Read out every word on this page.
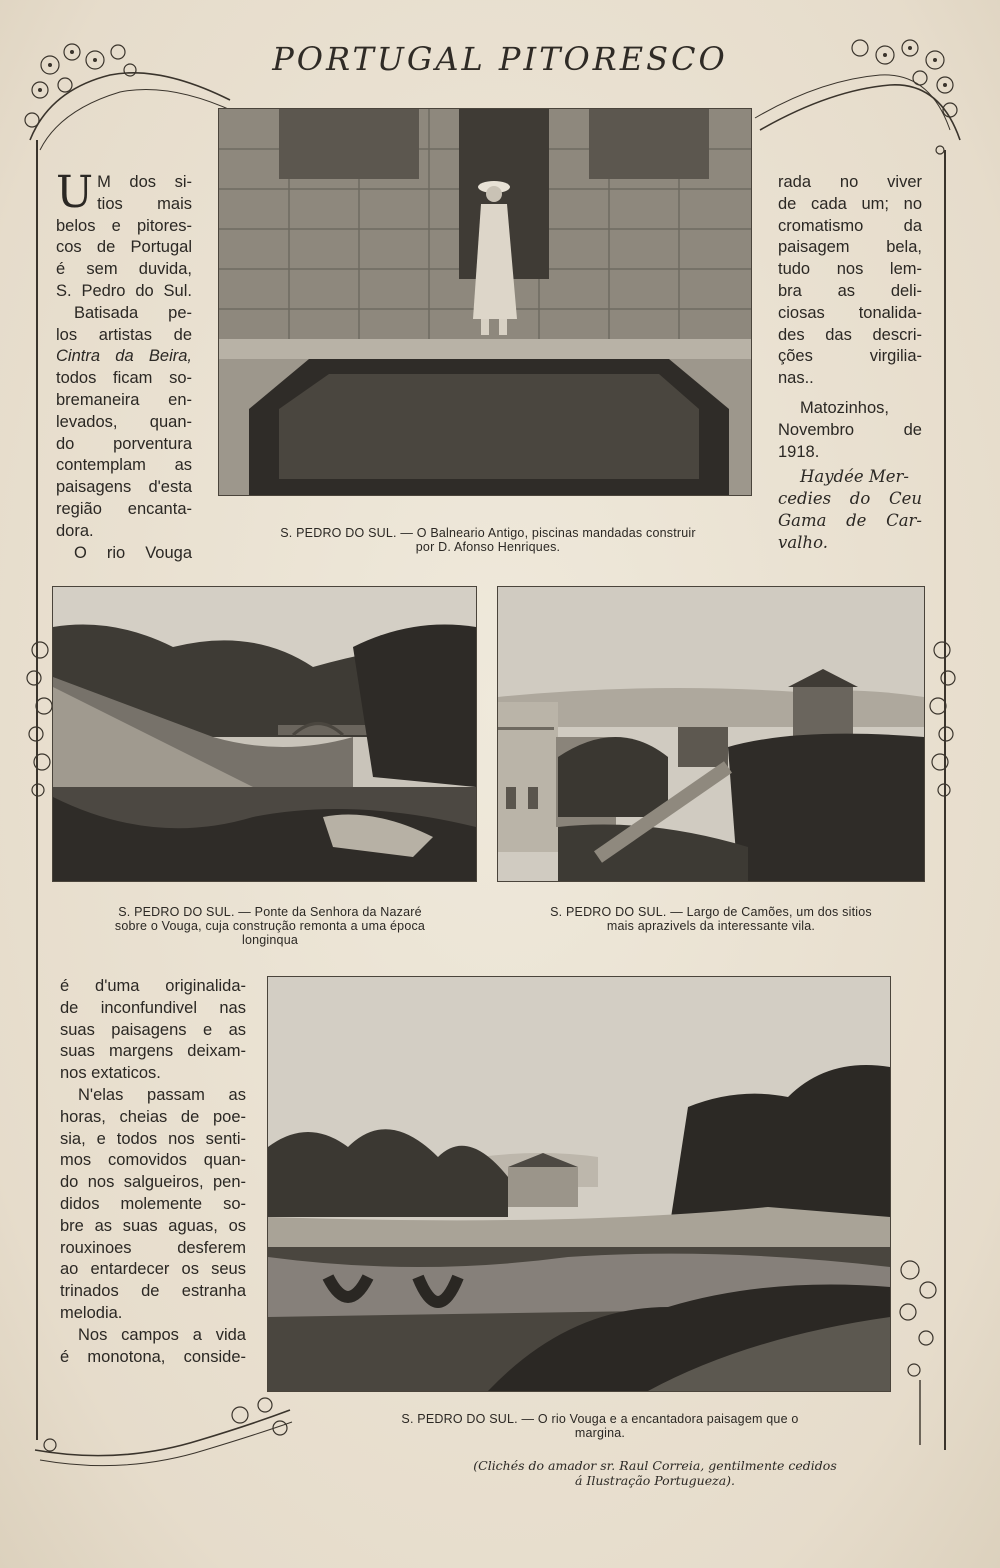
PORTUGAL PITORESCO
U M dos si-

tios mais

belos e pitores-

cos de Portugal

é sem duvida,

S. Pedro do Sul.

Batisada pe-

los artistas de

Cintra da Beira,

todos ficam so-

bremaneira en-

levados, quan-

do porventura

contemplam as

paisagens d'esta

região encanta-

dora.

O rio Vouga

S. PEDRO DO SUL. — O Balneario Antigo, piscinas mandadas construir
por D. Afonso Henriques.

rada no viver

de cada um; no

cromatismo da

paisagem bela,

tudo nos lem-

bra as deli-

ciosas tonalida-

des das descri-

ções virgilia-

nas..

Matozinhos,

Novembro de

1918.

Haydée Mer-

cedies do Ceu

Gama de Car-

valho.

S. PEDRO DO SUL. — Ponte da Senhora da Nazaré
sobre o Vouga, cuja construção remonta a uma época
longinqua
S. PEDRO DO SUL. — Largo de Camões, um dos sitios
mais aprazivels da interessante vila.

é d'uma originalida-

de inconfundivel nas

suas paisagens e as

suas margens deixam-

nos extaticos.

N'elas passam as

horas, cheias de poe-

sia, e todos nos senti-

mos comovidos quan-

do nos salgueiros, pen-

didos molemente so-

bre as suas aguas, os

rouxinoes desferem

ao entardecer os seus

trinados de estranha

melodia.

Nos campos a vida

é monotona, conside-

S. PEDRO DO SUL. — O rio Vouga e a encantadora paisagem que o
margina.
(Clichés do amador sr. Raul Correia, gentilmente cedidos
á Ilustração Portugueza).
